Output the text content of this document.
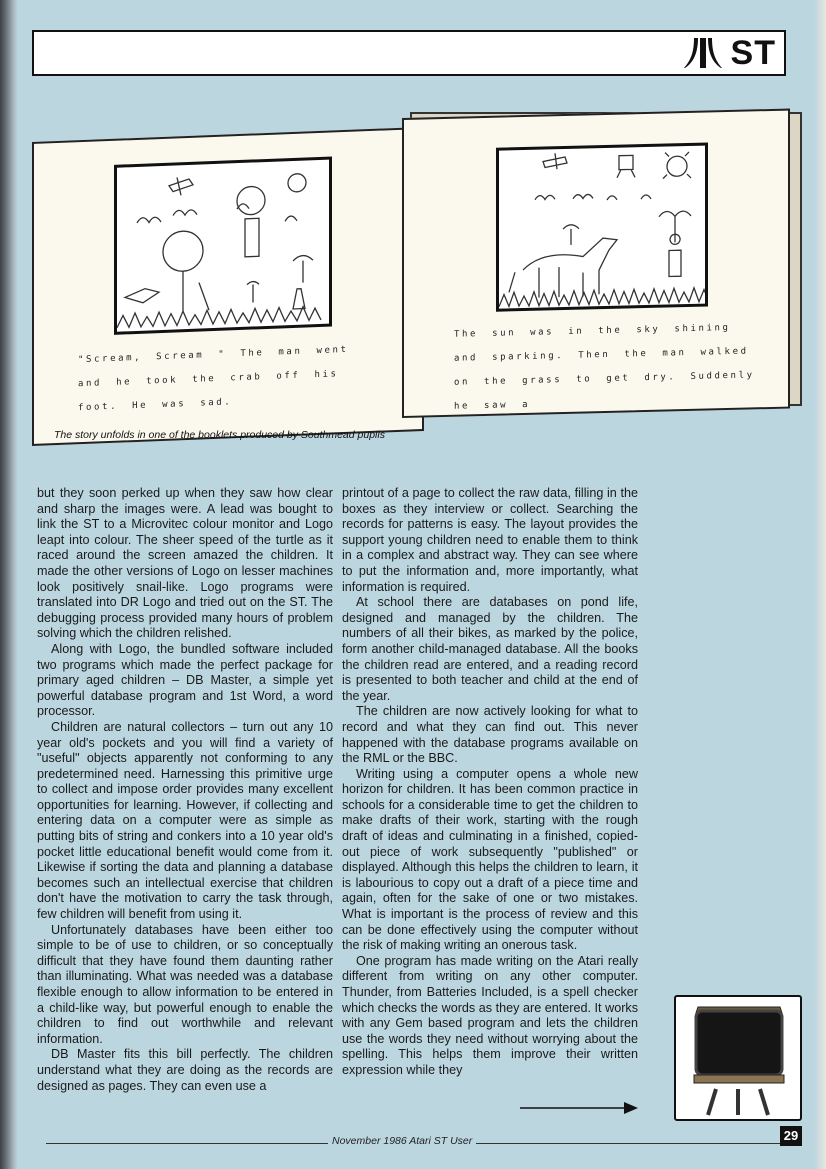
ST
"Scream, Scream " The man went and he took the crab off his foot. He was sad.
The sun was in the sky shining and sparking. Then the man walked on the grass to get dry. Suddenly he saw a
The story unfolds in one of the booklets produced by Southmead pupils

but they soon perked up when they saw how clear and sharp the images were. A lead was bought to link the ST to a Microvitec colour monitor and Logo leapt into colour. The sheer speed of the turtle as it raced around the screen amazed the children. It made the other versions of Logo on lesser machines look positively snail-like. Logo programs were translated into DR Logo and tried out on the ST. The debugging process provided many hours of problem solving which the children relished.

Along with Logo, the bundled software included two programs which made the perfect package for primary aged children – DB Master, a simple yet powerful database program and 1st Word, a word processor.

Children are natural collectors – turn out any 10 year old's pockets and you will find a variety of "useful" objects apparently not conforming to any predetermined need. Harnessing this primitive urge to collect and impose order provides many excellent opportunities for learning. However, if collecting and entering data on a computer were as simple as putting bits of string and conkers into a 10 year old's pocket little educational benefit would come from it. Likewise if sorting the data and planning a database becomes such an intellectual exercise that children don't have the motivation to carry the task through, few children will benefit from using it.

Unfortunately databases have been either too simple to be of use to children, or so conceptually difficult that they have found them daunting rather than illuminating. What was needed was a database flexible enough to allow information to be entered in a child-like way, but powerful enough to enable the children to find out worthwhile and relevant information.

DB Master fits this bill perfectly. The children understand what they are doing as the records are designed as pages. They can even use a

printout of a page to collect the raw data, filling in the boxes as they interview or collect. Searching the records for patterns is easy. The layout provides the support young children need to enable them to think in a complex and abstract way. They can see where to put the information and, more importantly, what information is required.

At school there are databases on pond life, designed and managed by the children. The numbers of all their bikes, as marked by the police, form another child-managed database. All the books the children read are entered, and a reading record is presented to both teacher and child at the end of the year.

The children are now actively looking for what to record and what they can find out. This never happened with the database programs available on the RML or the BBC.

Writing using a computer opens a whole new horizon for children. It has been common practice in schools for a considerable time to get the children to make drafts of their work, starting with the rough draft of ideas and culminating in a finished, copied-out piece of work subsequently "published" or displayed. Although this helps the children to learn, it is labourious to copy out a draft of a piece time and again, often for the sake of one or two mistakes. What is important is the process of review and this can be done effectively using the computer without the risk of making writing an onerous task.

One program has made writing on the Atari really different from writing on any other computer. Thunder, from Batteries Included, is a spell checker which checks the words as they are entered. It works with any Gem based program and lets the children use the words they need without worrying about the spelling. This helps them improve their written expression while they

November 1986 Atari ST User	29
